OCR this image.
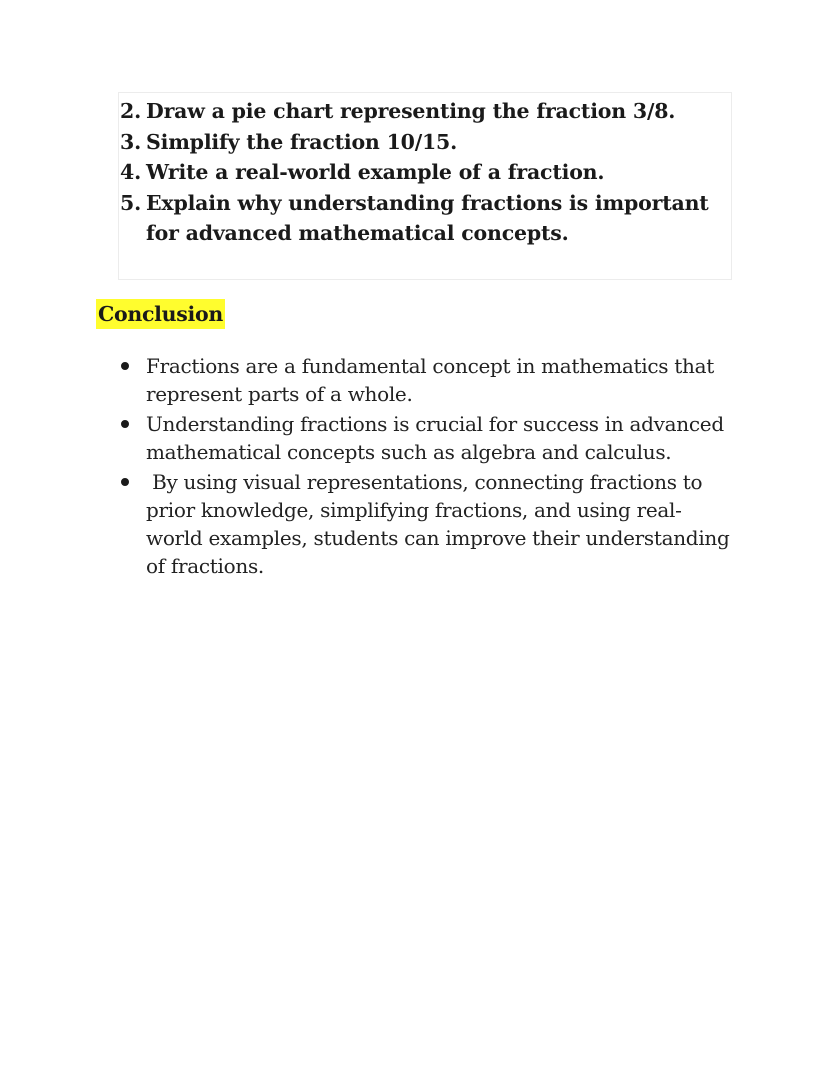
2. Draw a pie chart representing the fraction 3/8.
3. Simplify the fraction 10/15.
4. Write a real-world example of a fraction.
5. Explain why understanding fractions is important for advanced mathematical concepts.
Conclusion
Fractions are a fundamental concept in mathematics that represent parts of a whole.
Understanding fractions is crucial for success in advanced mathematical concepts such as algebra and calculus.
By using visual representations, connecting fractions to prior knowledge, simplifying fractions, and using real-world examples, students can improve their understanding of fractions.
